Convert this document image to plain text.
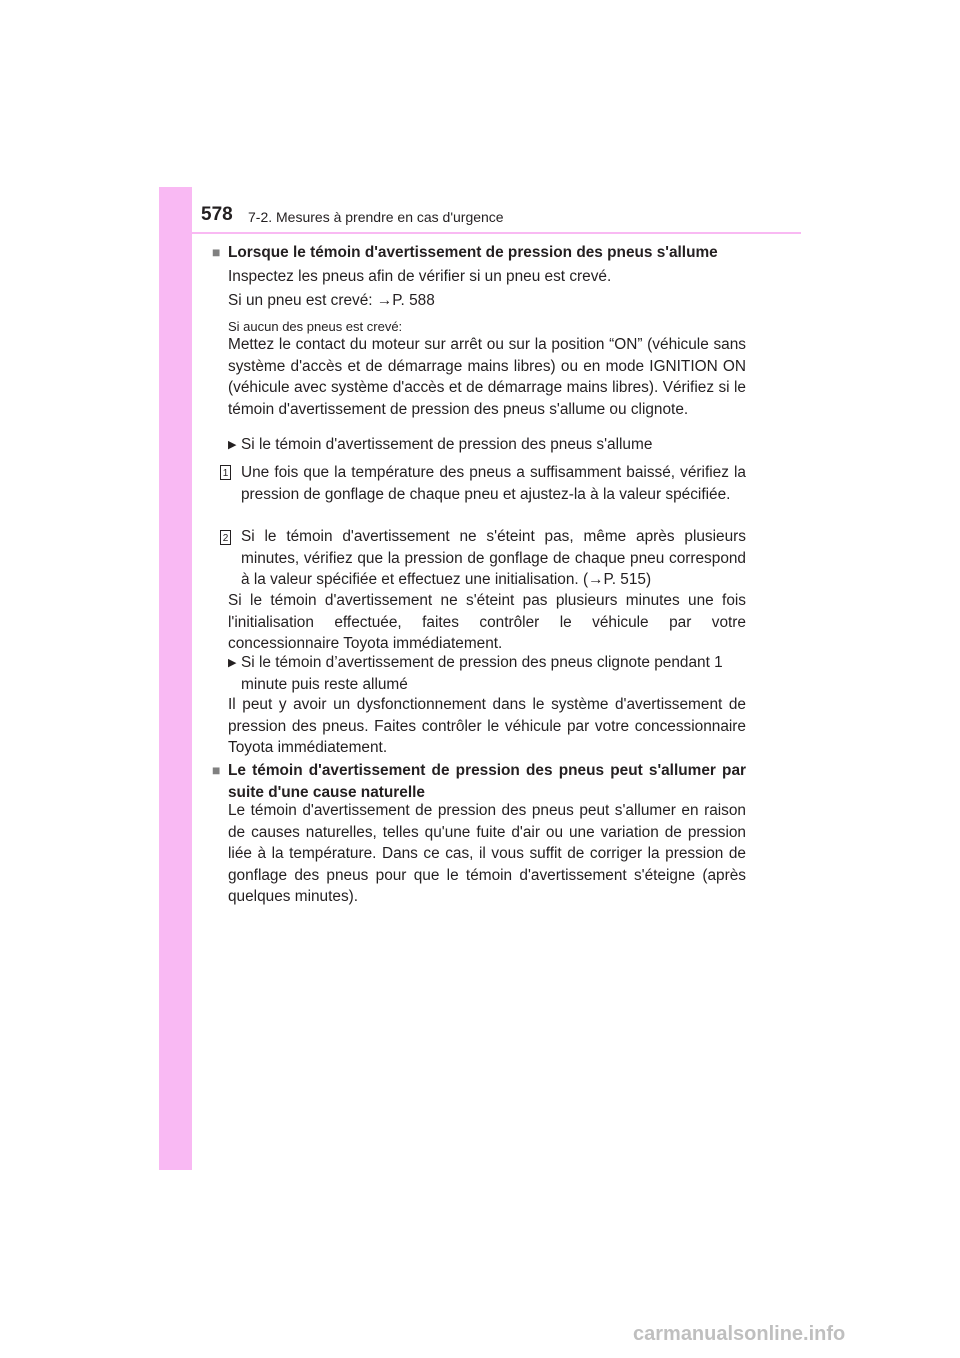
578 7-2. Mesures à prendre en cas d'urgence
■ Lorsque le témoin d'avertissement de pression des pneus s'allume
Inspectez les pneus afin de vérifier si un pneu est crevé.
Si un pneu est crevé: →P. 588
Si aucun des pneus est crevé:
Mettez le contact du moteur sur arrêt ou sur la position “ON” (véhicule sans système d'accès et de démarrage mains libres) ou en mode IGNITION ON (véhicule avec système d'accès et de démarrage mains libres). Vérifiez si le témoin d'avertissement de pression des pneus s'allume ou clignote.
▶ Si le témoin d'avertissement de pression des pneus s'allume
1 Une fois que la température des pneus a suffisamment baissé, vérifiez la pression de gonflage de chaque pneu et ajustez-la à la valeur spécifiée.
2 Si le témoin d'avertissement ne s'éteint pas, même après plusieurs minutes, vérifiez que la pression de gonflage de chaque pneu correspond à la valeur spécifiée et effectuez une initialisation. (→P. 515)
Si le témoin d'avertissement ne s'éteint pas plusieurs minutes une fois l'initialisation effectuée, faites contrôler le véhicule par votre concessionnaire Toyota immédiatement.
▶ Si le témoin d’avertissement de pression des pneus clignote pendant 1 minute puis reste allumé
Il peut y avoir un dysfonctionnement dans le système d'avertissement de pression des pneus. Faites contrôler le véhicule par votre concessionnaire Toyota immédiatement.
■ Le témoin d'avertissement de pression des pneus peut s'allumer par suite d'une cause naturelle
Le témoin d'avertissement de pression des pneus peut s'allumer en raison de causes naturelles, telles qu'une fuite d'air ou une variation de pression liée à la température. Dans ce cas, il vous suffit de corriger la pression de gonflage des pneus pour que le témoin d'avertissement s'éteigne (après quelques minutes).
carmanualsonline.info
